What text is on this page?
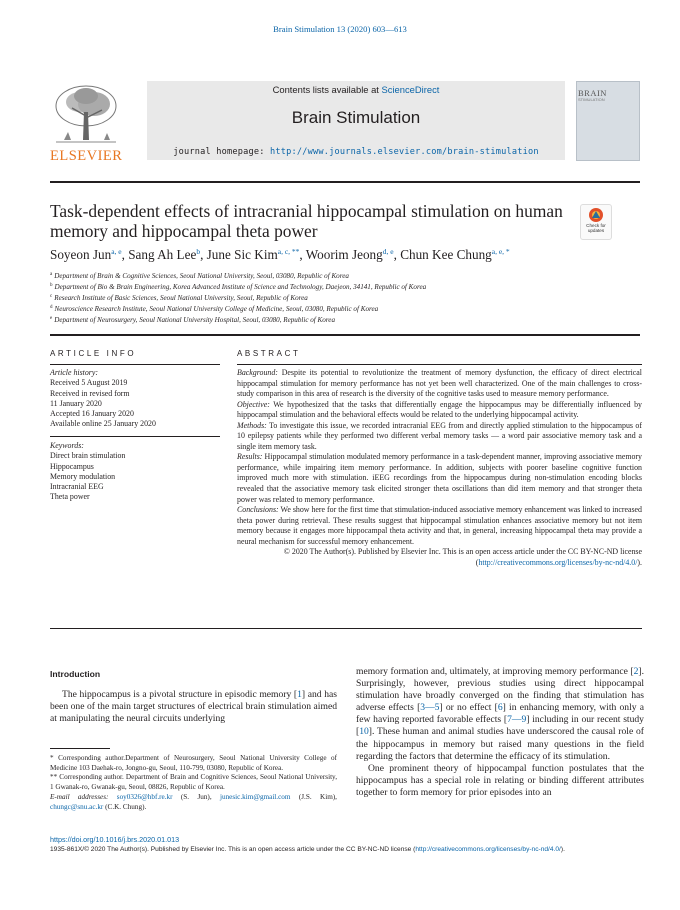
Brain Stimulation 13 (2020) 603—613
Contents lists available at ScienceDirect
Brain Stimulation
journal homepage: http://www.journals.elsevier.com/brain-stimulation
ELSEVIER
BRAIN
STIMULATION
Task-dependent effects of intracranial hippocampal stimulation on human memory and hippocampal theta power	Check for updates
Soyeon Jun$^{a, e}$, Sang Ah Lee$^b$, June Sic Kim$^{a, c, **}$, Woorim Jeong$^{d, e}$, Chun Kee Chung$^{a, e, *}$
$^a$ Department of Brain & Cognitive Sciences, Seoul National University, Seoul, 03080, Republic of Korea
$^b$ Department of Bio & Brain Engineering, Korea Advanced Institute of Science and Technology, Daejeon, 34141, Republic of Korea
$^c$ Research Institute of Basic Sciences, Seoul National University, Seoul, Republic of Korea
$^d$ Neuroscience Research Institute, Seoul National University College of Medicine, Seoul, 03080, Republic of Korea
$^e$ Department of Neurosurgery, Seoul National University Hospital, Seoul, 03080, Republic of Korea
ARTICLE INFO
Article history:
Received 5 August 2019
Received in revised form
11 January 2020
Accepted 16 January 2020
Available online 25 January 2020
Keywords:
Direct brain stimulation
Hippocampus
Memory modulation
Intracranial EEG
Theta power
ABSTRACT

Background: Despite its potential to revolutionize the treatment of memory dysfunction, the efficacy of direct electrical hippocampal stimulation for memory performance has not yet been well characterized. One of the main challenges to cross-study comparison in this area of research is the diversity of the cognitive tasks used to measure memory performance.

Objective: We hypothesized that the tasks that differentially engage the hippocampus may be differentially influenced by hippocampal stimulation and the behavioral effects would be related to the underlying hippocampal activity.

Methods: To investigate this issue, we recorded intracranial EEG from and directly applied stimulation to the hippocampus of 10 epilepsy patients while they performed two different verbal memory tasks — a word pair associative memory task and a single item memory task.

Results: Hippocampal stimulation modulated memory performance in a task-dependent manner, improving associative memory performance, while impairing item memory performance. In addition, subjects with poorer baseline cognitive function improved much more with stimulation. iEEG recordings from the hippocampus during non-stimulation encoding blocks revealed that the associative memory task elicited stronger theta oscillations than did item memory and that stronger theta power was related to memory performance.

Conclusions: We show here for the first time that stimulation-induced associative memory enhancement was linked to increased theta power during retrieval. These results suggest that hippocampal stimulation enhances associative memory but not item memory because it engages more hippocampal theta activity and that, in general, increasing hippocampal theta may provide a neural mechanism for successful memory enhancement.

© 2020 The Author(s). Published by Elsevier Inc. This is an open access article under the CC BY-NC-ND license (http://creativecommons.org/licenses/by-nc-nd/4.0/).

Introduction

The hippocampus is a pivotal structure in episodic memory [1] and has been one of the main target structures of electrical brain stimulation aimed at manipulating the neural circuits underlying

memory formation and, ultimately, at improving memory performance [2]. Surprisingly, however, previous studies using direct hippocampal stimulation have broadly converged on the finding that stimulation has adverse effects [3—5] or no effect [6] in enhancing memory, with only a few having reported favorable effects [7—9] including in our recent study [10]. These human and animal studies have underscored the causal role of the hippocampus in memory but raised many questions in the field regarding the factors that determine the efficacy of its stimulation.

One prominent theory of hippocampal function postulates that the hippocampus has a special role in relating or binding different attributes together to form memory for prior episodes into an

* Corresponding author.Department of Neurosurgery, Seoul National University College of Medicine 103 Daehak-ro, Jongno-gu, Seoul, 110-799, 03080, Republic of Korea.

** Corresponding author. Department of Brain and Cognitive Sciences, Seoul National University, 1 Gwanak-ro, Gwanak-gu, Seoul, 08826, Republic of Korea.

E-mail addresses: soy0326@hbf.re.kr (S. Jun), junesic.kim@gmail.com (J.S. Kim), chungc@snu.ac.kr (C.K. Chung).

https://doi.org/10.1016/j.brs.2020.01.013
1935-861X/© 2020 The Author(s). Published by Elsevier Inc. This is an open access article under the CC BY-NC-ND license (http://creativecommons.org/licenses/by-nc-nd/4.0/).
